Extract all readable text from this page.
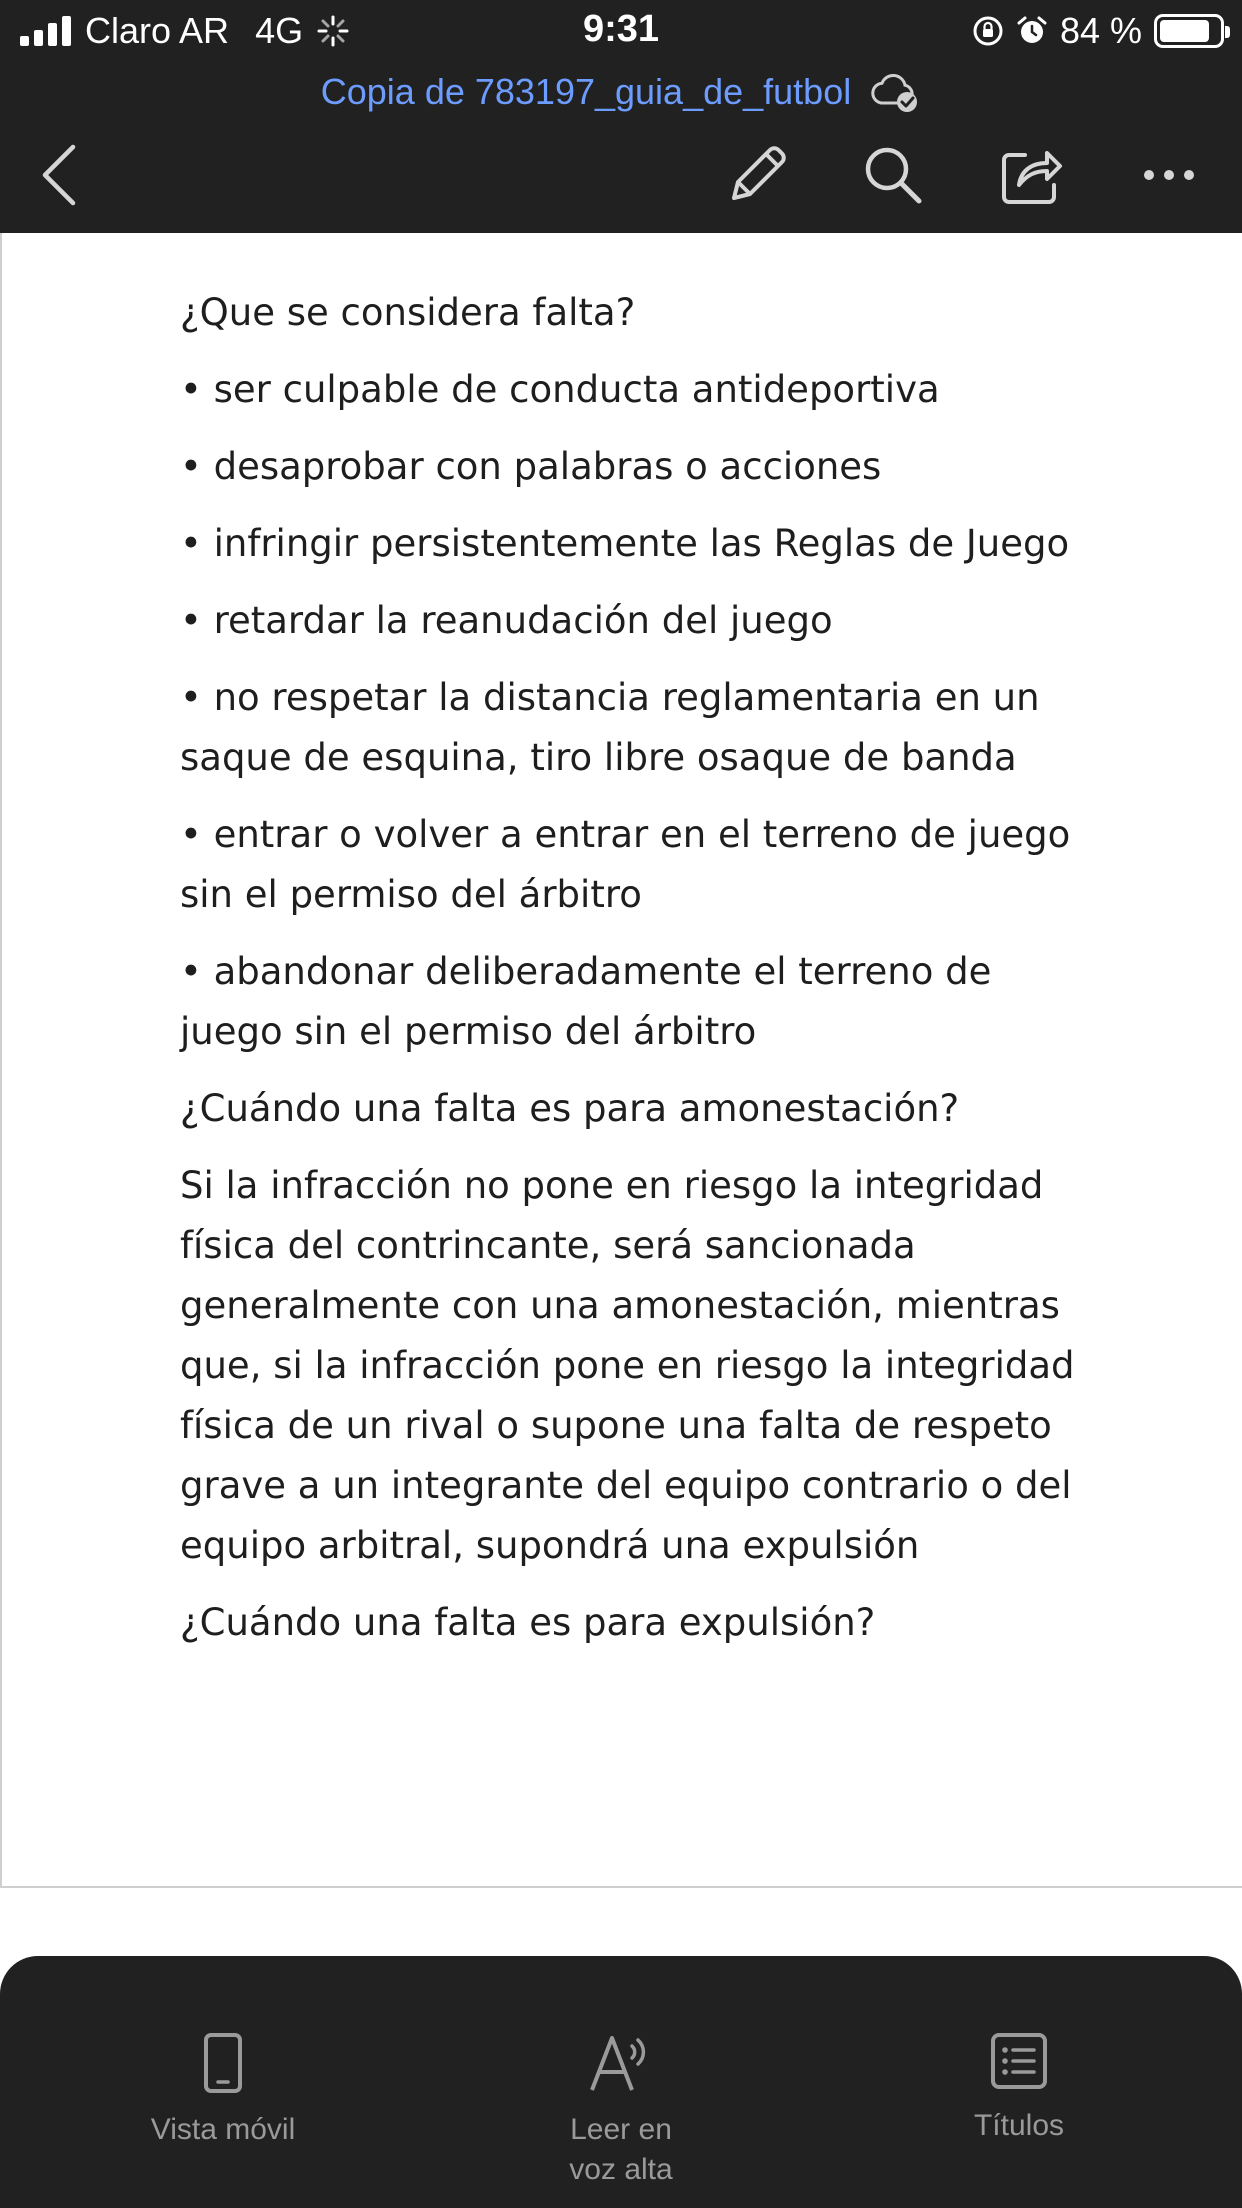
Claro AR 4G	9:31	84 %
Copia de 783197_guia_de_futbol

¿Que se considera falta?

• ser culpable de conducta antideportiva

• desaprobar con palabras o acciones

• infringir persistentemente las Reglas de Juego

• retardar la reanudación del juego

• no respetar la distancia reglamentaria en un saque de esquina, tiro libre osaque de banda

• entrar o volver a entrar en el terreno de juego sin el permiso del árbitro

• abandonar deliberadamente el terreno de juego sin el permiso del árbitro

¿Cuándo una falta es para amonestación?

Si la infracción no pone en riesgo la integridad física del contrincante, será sancionada generalmente con una amonestación, mientras que, si la infracción pone en riesgo la integridad física de un rival o supone una falta de respeto grave a un integrante del equipo contrario o del equipo arbitral, supondrá una expulsión

¿Cuándo una falta es para expulsión?

Vista móvil	Leer en voz alta
Títulos
